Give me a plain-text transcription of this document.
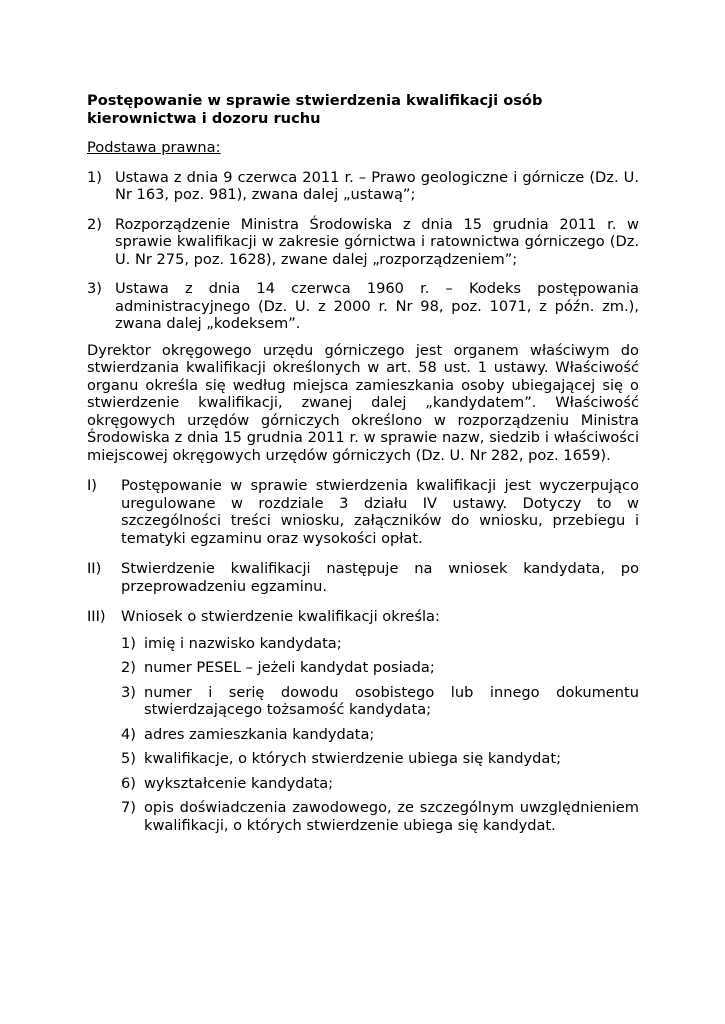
Postępowanie w sprawie stwierdzenia kwalifikacji osób kierownictwa i dozoru ruchu

Podstawa prawna:

1) Ustawa z dnia 9 czerwca 2011 r. – Prawo geologiczne i górnicze (Dz. U. Nr 163, poz. 981), zwana dalej „ustawą”;

2) Rozporządzenie Ministra Środowiska z dnia 15 grudnia 2011 r. w sprawie kwalifikacji w zakresie górnictwa i ratownictwa górniczego (Dz. U. Nr 275, poz. 1628), zwane dalej „rozporządzeniem”;

3) Ustawa z dnia 14 czerwca 1960 r. – Kodeks postępowania administracyjnego (Dz. U. z 2000 r. Nr 98, poz. 1071, z późn. zm.), zwana dalej „kodeksem”.

Dyrektor okręgowego urzędu górniczego jest organem właściwym do stwierdzania kwalifikacji określonych w art. 58 ust. 1 ustawy. Właściwość organu określa się według miejsca zamieszkania osoby ubiegającej się o stwierdzenie kwalifikacji, zwanej dalej „kandydatem”. Właściwość okręgowych urzędów górniczych określono w rozporządzeniu Ministra Środowiska z dnia 15 grudnia 2011 r. w sprawie nazw, siedzib i właściwości miejscowej okręgowych urzędów górniczych (Dz. U. Nr 282, poz. 1659).

I) Postępowanie w sprawie stwierdzenia kwalifikacji jest wyczerpująco uregulowane w rozdziale 3 działu IV ustawy. Dotyczy to w szczególności treści wniosku, załączników do wniosku, przebiegu i tematyki egzaminu oraz wysokości opłat.

II) Stwierdzenie kwalifikacji następuje na wniosek kandydata, po przeprowadzeniu egzaminu.

III) Wniosek o stwierdzenie kwalifikacji określa:

1) imię i nazwisko kandydata;

2) numer PESEL – jeżeli kandydat posiada;

3) numer i serię dowodu osobistego lub innego dokumentu stwierdzającego tożsamość kandydata;

4) adres zamieszkania kandydata;

5) kwalifikacje, o których stwierdzenie ubiega się kandydat;

6) wykształcenie kandydata;

7) opis doświadczenia zawodowego, ze szczególnym uwzględnieniem kwalifikacji, o których stwierdzenie ubiega się kandydat.
